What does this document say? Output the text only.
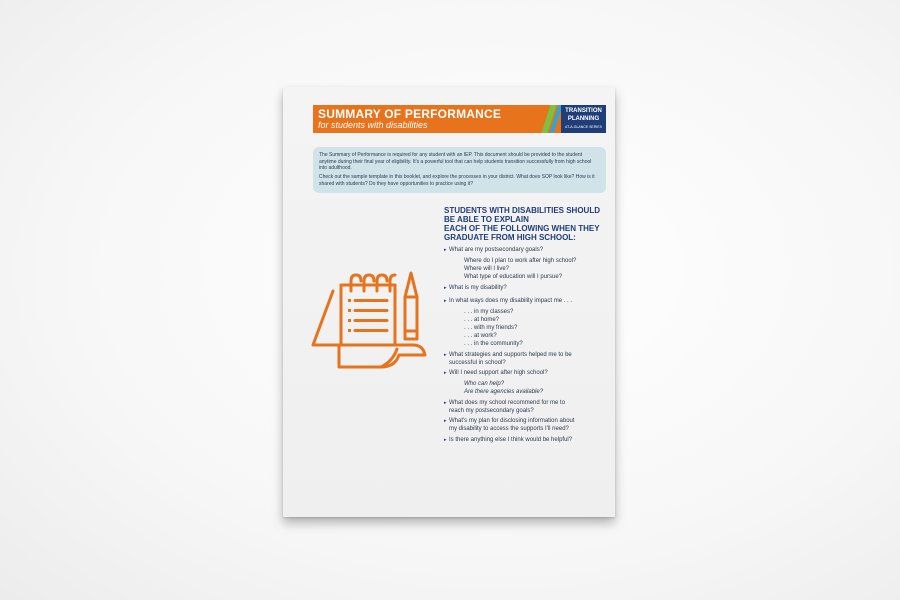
SUMMARY OF PERFORMANCE
for students with disabilities
TRANSITION
PLANNING
AT-A-GLANCE SERIES

The Summary of Performance is required for any student with an IEP. This document should be provided to the student anytime during their final year of eligibility. It's a powerful tool that can help students transition successfully from high school into adulthood.

Check out the sample template in this booklet, and explore the processes in your district. What does SOP look like? How is it shared with students? Do they have opportunities to practice using it?

STUDENTS WITH DISABILITIES SHOULD
BE ABLE TO EXPLAIN
EACH OF THE FOLLOWING WHEN THEY
GRADUATE FROM HIGH SCHOOL:
▸ What are my postsecondary goals?
Where do I plan to work after high school?
Where will I live?
What type of education will I pursue?
▸ What is my disability?
▸ In what ways does my disability impact me . . .
. . . in my classes?
. . . at home?
. . . with my friends?
. . . at work?
. . . in the community?
▸ What strategies and supports helped me to be
successful in school?
▸ Will I need support after high school?
Who can help?
Are there agencies available?
▸ What does my school recommend for me to
reach my postsecondary goals?
▸ What's my plan for disclosing information about
my disability to access the supports I'll need?
▸ Is there anything else I think would be helpful?
